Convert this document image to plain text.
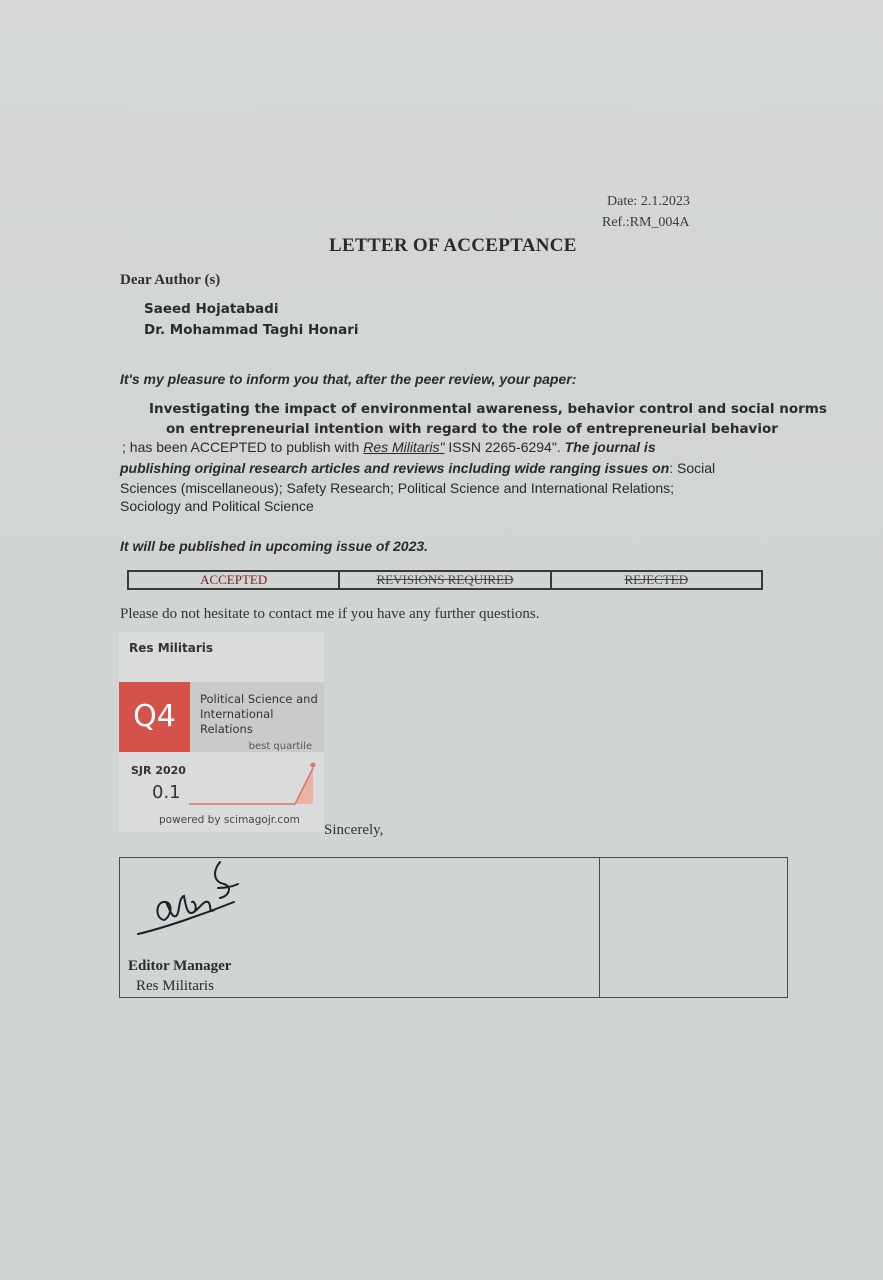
Date: 2.1.2023
Ref.:RM_004A
LETTER OF ACCEPTANCE
Dear Author (s)
Saeed Hojatabadi
Dr. Mohammad Taghi Honari
It's my pleasure to inform you that, after the peer review, your paper:
Investigating the impact of environmental awareness, behavior control and social norms
on entrepreneurial intention with regard to the role of entrepreneurial behavior
; has been ACCEPTED to publish with Res Militaris" ISSN 2265-6294". The journal is
publishing original research articles and reviews including wide ranging issues on: Social
Sciences (miscellaneous); Safety Research; Political Science and International Relations;
Sociology and Political Science
It will be published in upcoming issue of 2023.
ACCEPTED	REVISIONS REQUIRED	REJECTED
Please do not hesitate to contact me if you have any further questions.
Res Militaris
Q4	Political Science and International Relations
best quartile
SJR 2020
0.1
powered by scimagojr.com
Sincerely,
Editor Manager
Res Militaris
